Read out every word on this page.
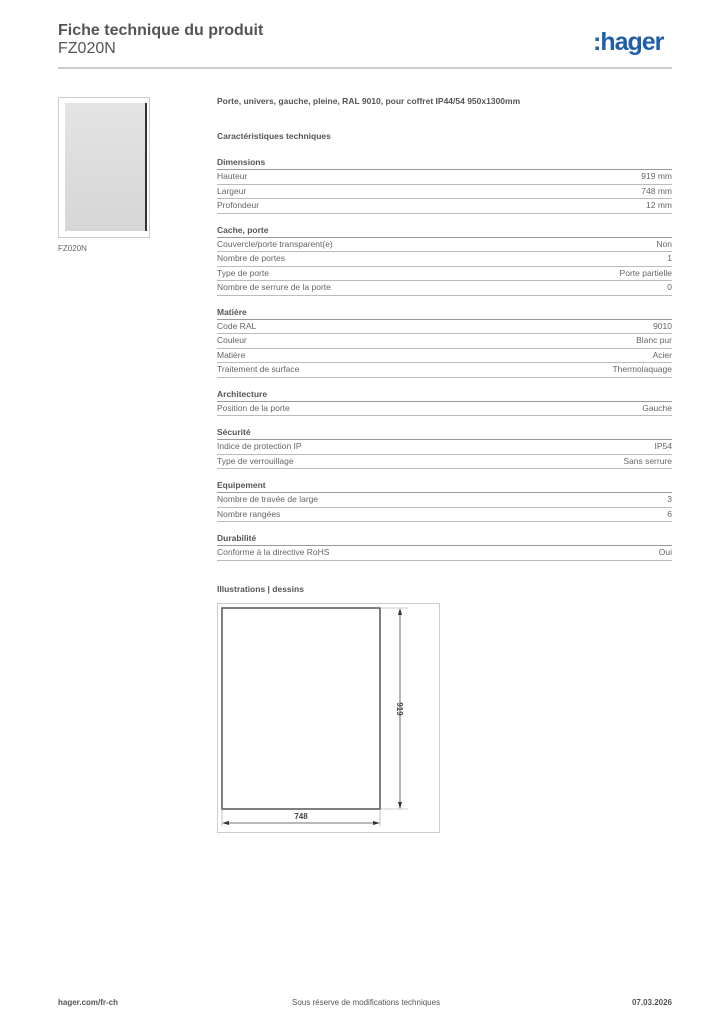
Fiche technique du produit
FZ020N	:hager
FZ020N
Porte, univers, gauche, pleine, RAL 9010, pour coffret IP44/54 950x1300mm
Caractéristiques techniques
Dimensions
Hauteur	919 mm
Largeur	748 mm
Profondeur	12 mm
Cache, porte
Couvercle/porte transparent(e)	Non
Nombre de portes	1
Type de porte	Porte partielle
Nombre de serrure de la porte	0
Matière
Code RAL	9010
Couleur	Blanc pur
Matière	Acier
Traitement de surface	Thermolaquage
Architecture
Position de la porte	Gauche
Sécurité
Indice de protection IP	IP54
Type de verrouillage	Sans serrure
Equipement
Nombre de travée de large	3
Nombre rangées	6
Durabilité
Conforme à la directive RoHS	Oui
Illustrations | dessins
919
748
hager.com/fr-ch	Sous réserve de modifications techniques	07.03.2026
